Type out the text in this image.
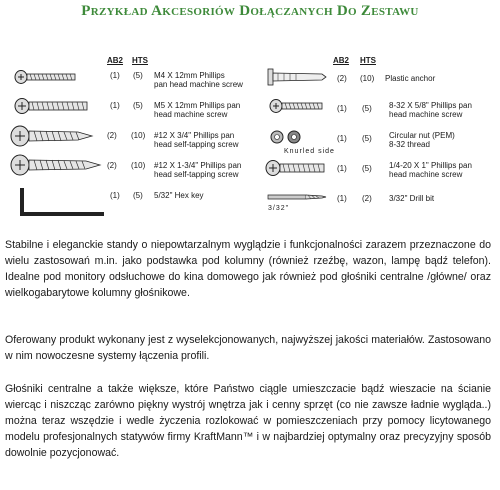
Przykład Akcesoriów Dołączanych Do Zestawu
AB2 HTS	AB2 HTS
(1) (5) M4 X 12mm Phillips
pan head machine screw
(1) (5) M5 X 12mm Phillips pan
head machine screw
(2) (10) #12 X 3/4" Phillips pan
head self-tapping screw
(2) (10) #12 X 1-3/4" Phillips pan
head self-tapping screw
(1) (5) 5/32" Hex key
Knurled side
3/32"
(2) (10) Plastic anchor
(1) (5) 8-32 X 5/8" Phillips pan
head machine screw
(1) (5) Circular nut (PEM)
8-32 thread
(1) (5) 1/4-20 X 1" Phillips pan
head machine screw
(1) (2) 3/32" Drill bit

Stabilne i eleganckie standy o niepowtarzalnym wyglądzie i funkcjonalności zarazem przeznaczone do wielu zastosowań m.in. jako podstawka pod kolumny (również rzeźbę, wazon, lampę bądź telefon). Idealne pod monitory odsłuchowe do kina domowego jak również pod głośniki centralne /główne/ oraz wielkogabarytowe kolumny głośnikowe.

Oferowany produkt wykonany jest z wyselekcjonowanych, najwyższej jakości materiałów. Zastosowano w nim nowoczesne systemy łączenia profili.

Głośniki centralne a także większe, które Państwo ciągle umieszczacie bądź wieszacie na ścianie wiercąc i niszcząc zarówno piękny wystrój wnętrza jak i cenny sprzęt (co nie zawsze ładnie wygląda..) można teraz wszędzie i wedle życzenia rozlokować w pomieszczeniach przy pomocy licytowanego modelu profesjonalnych statywów firmy KraftMann™ i w najbardziej optymalny oraz precyzyjny sposób dowolnie pozycjonować.
